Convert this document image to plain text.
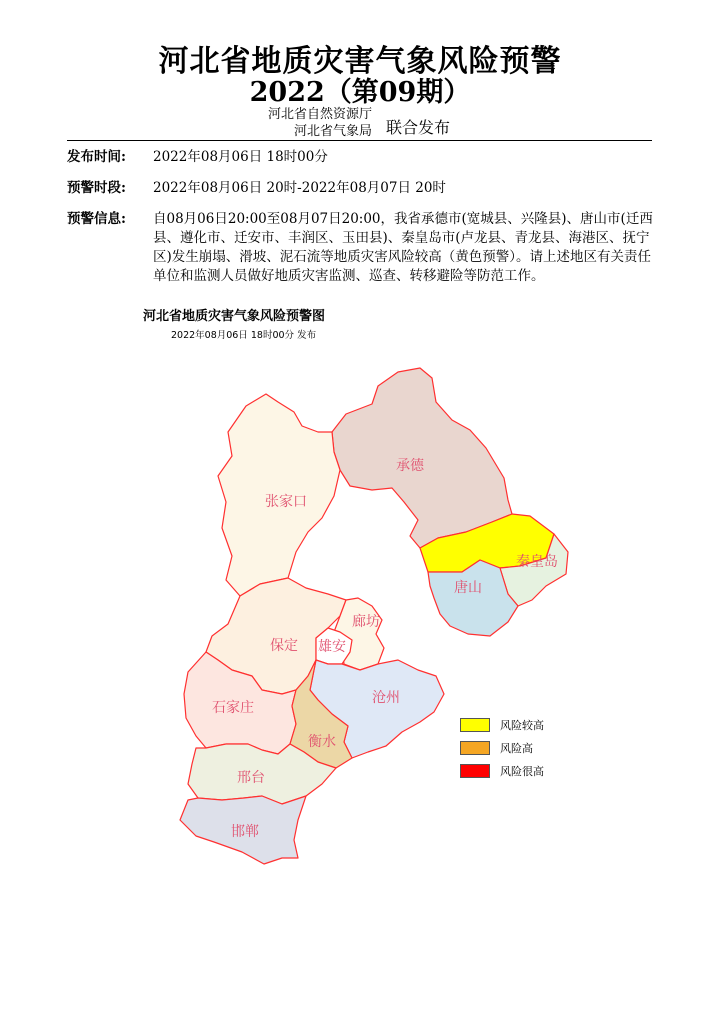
河北省地质灾害气象风险预警
2022（第09期）
河北省自然资源厅
河北省气象局 联合发布
发布时间:	2022年08月06日 18时00分
预警时段:	2022年08月06日 20时-2022年08月07日 20时
预警信息:	自08月06日20:00至08月07日20:00，我省承德市(宽城县、兴隆县)、唐山市(迁西县、遵化市、迁安市、丰润区、玉田县)、秦皇岛市(卢龙县、青龙县、海港区、抚宁区)发生崩塌、滑坡、泥石流等地质灾害风险较高（黄色预警）。请上述地区有关责任单位和监测人员做好地质灾害监测、巡查、转移避险等防范工作。
河北省地质灾害气象风险预警图
2022年08月06日 18时00分 发布
张家口
承德
秦皇岛
唐山
廊坊
保定 雄安
沧州
石家庄
衡水
邢台
邯郸
风险较高
风险高
风险很高
